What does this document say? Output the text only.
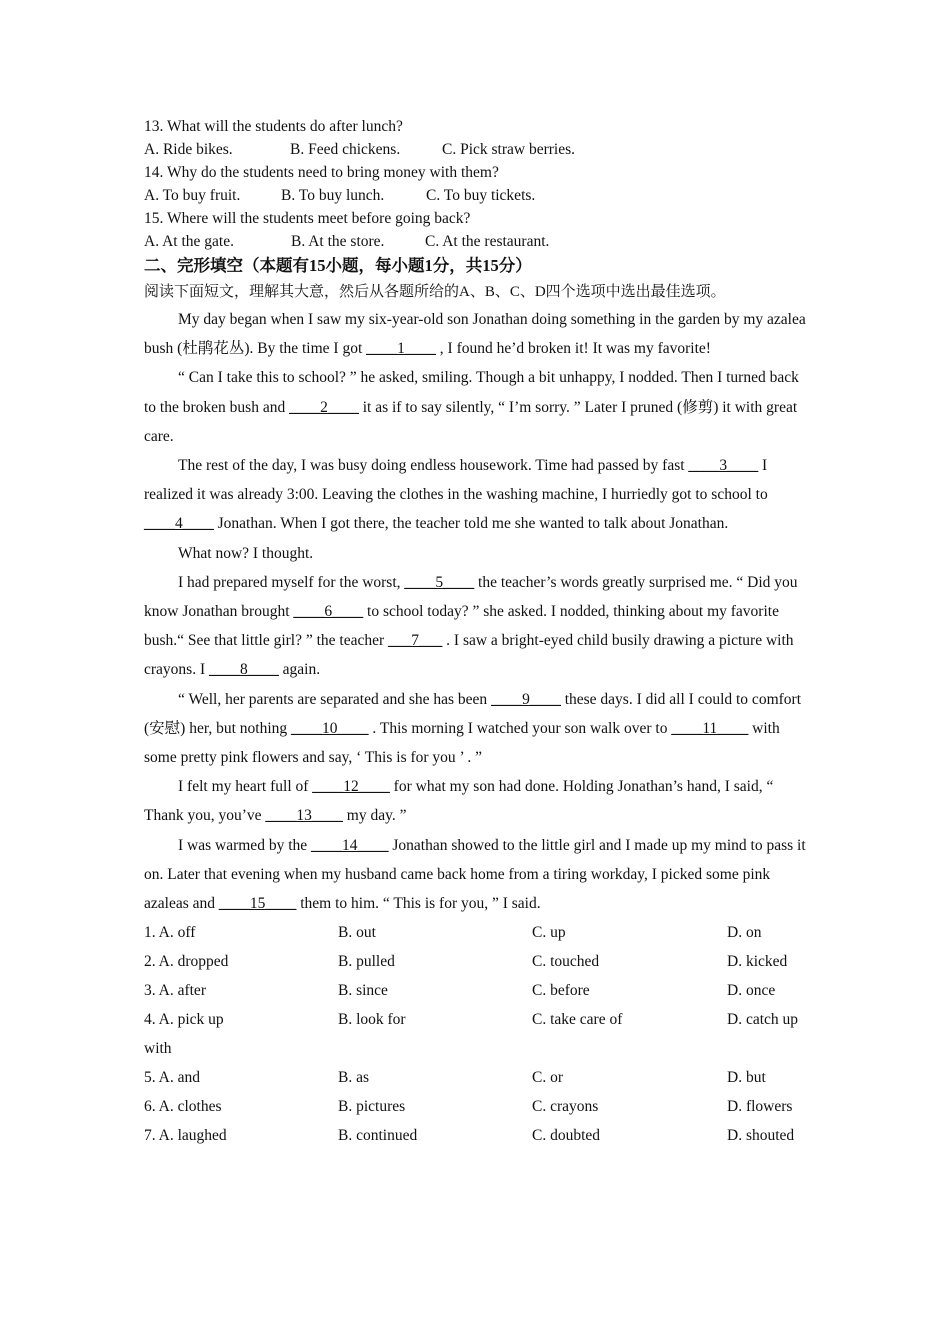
13. What will the students do after lunch?
A. Ride bikes.	B. Feed chickens.	C. Pick straw berries.
14. Why do the students need to bring money with them?
A. To buy fruit.	B. To buy lunch.	C. To buy tickets.
15. Where will the students meet before going back?
A. At the gate.	B. At the store.	C. At the restaurant.
二、完形填空（本题有15小题，每小题1分，共15分）
阅读下面短文，理解其大意，然后从各题所给的A、B、C、D四个选项中选出最佳选项。

My day began when I saw my six-year-old son Jonathan doing something in the garden by my azalea bush (杜鹃花丛). By the time I got ____1____ , I found he’d broken it! It was my favorite!

“ Can I take this to school? ” he asked, smiling. Though a bit unhappy, I nodded. Then I turned back to the broken bush and ____2____ it as if to say silently, “ I’m sorry. ” Later I pruned (修剪) it with great care.

The rest of the day, I was busy doing endless housework. Time had passed by fast ____3____ I realized it was already 3:00. Leaving the clothes in the washing machine, I hurriedly got to school to ____4____ Jonathan. When I got there, the teacher told me she wanted to talk about Jonathan.

What now? I thought.

I had prepared myself for the worst, ____5____ the teacher’s words greatly surprised me. “ Did you know Jonathan brought ____6____ to school today? ” she asked. I nodded, thinking about my favorite bush.“ See that little girl? ” the teacher ___7___ . I saw a bright-eyed child busily drawing a picture with crayons. I ____8____ again.

“ Well, her parents are separated and she has been ____9____ these days. I did all I could to comfort (安慰) her, but nothing ____10____ . This morning I watched your son walk over to ____11____ with some pretty pink flowers and say, ‘ This is for you ’ . ”

I felt my heart full of ____12____ for what my son had done. Holding Jonathan’s hand, I said, “ Thank you, you’ve ____13____ my day. ”

I was warmed by the ____14____ Jonathan showed to the little girl and I made up my mind to pass it on. Later that evening when my husband came back home from a tiring workday, I picked some pink azaleas and ____15____ them to him. “ This is for you, ” I said.

1. A. off	B. out	C. up	D. on
2. A. dropped	B. pulled	C. touched	D. kicked
3. A. after	B. since	C. before	D. once
4. A. pick up	B. look for	C. take care of	D. catch up
with
5. A. and	B. as	C. or	D. but
6. A. clothes	B. pictures	C. crayons	D. flowers
7. A. laughed	B. continued	C. doubted	D. shouted
